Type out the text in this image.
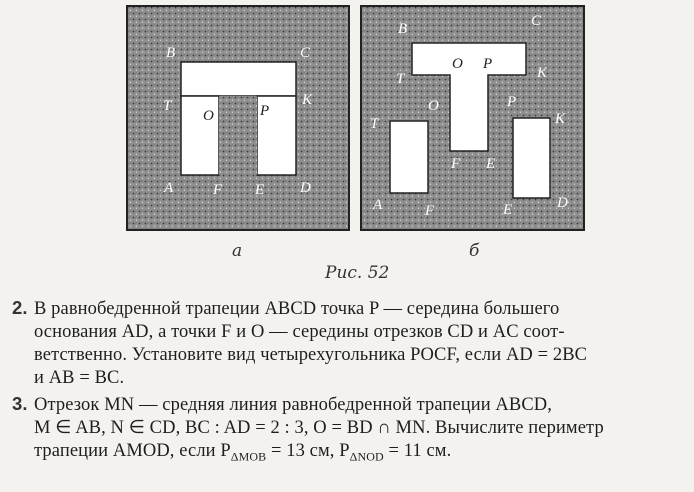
B	C
T	K
O	P
A	F E D
B	C
T
O P
K
O	P
K
T
A	F
F E
E	D
а	б
Рис. 52
2. В равнобедренной трапеции ABCD точка P — середина большего
основания AD, а точки F и O — середины отрезков CD и AC соот-
ветственно. Установите вид четырехугольника POCF, если AD = 2BC
и AB = BC.
3. Отрезок MN — средняя линия равнобедренной трапеции ABCD,
M ∈ AB, N ∈ CD, BC : AD = 2 : 3, O = BD ∩ MN. Вычислите периметр
трапеции AMOD, если $P_{\Delta MOB} = 13$ см, $P_{\Delta NOD} = 11$ см.
